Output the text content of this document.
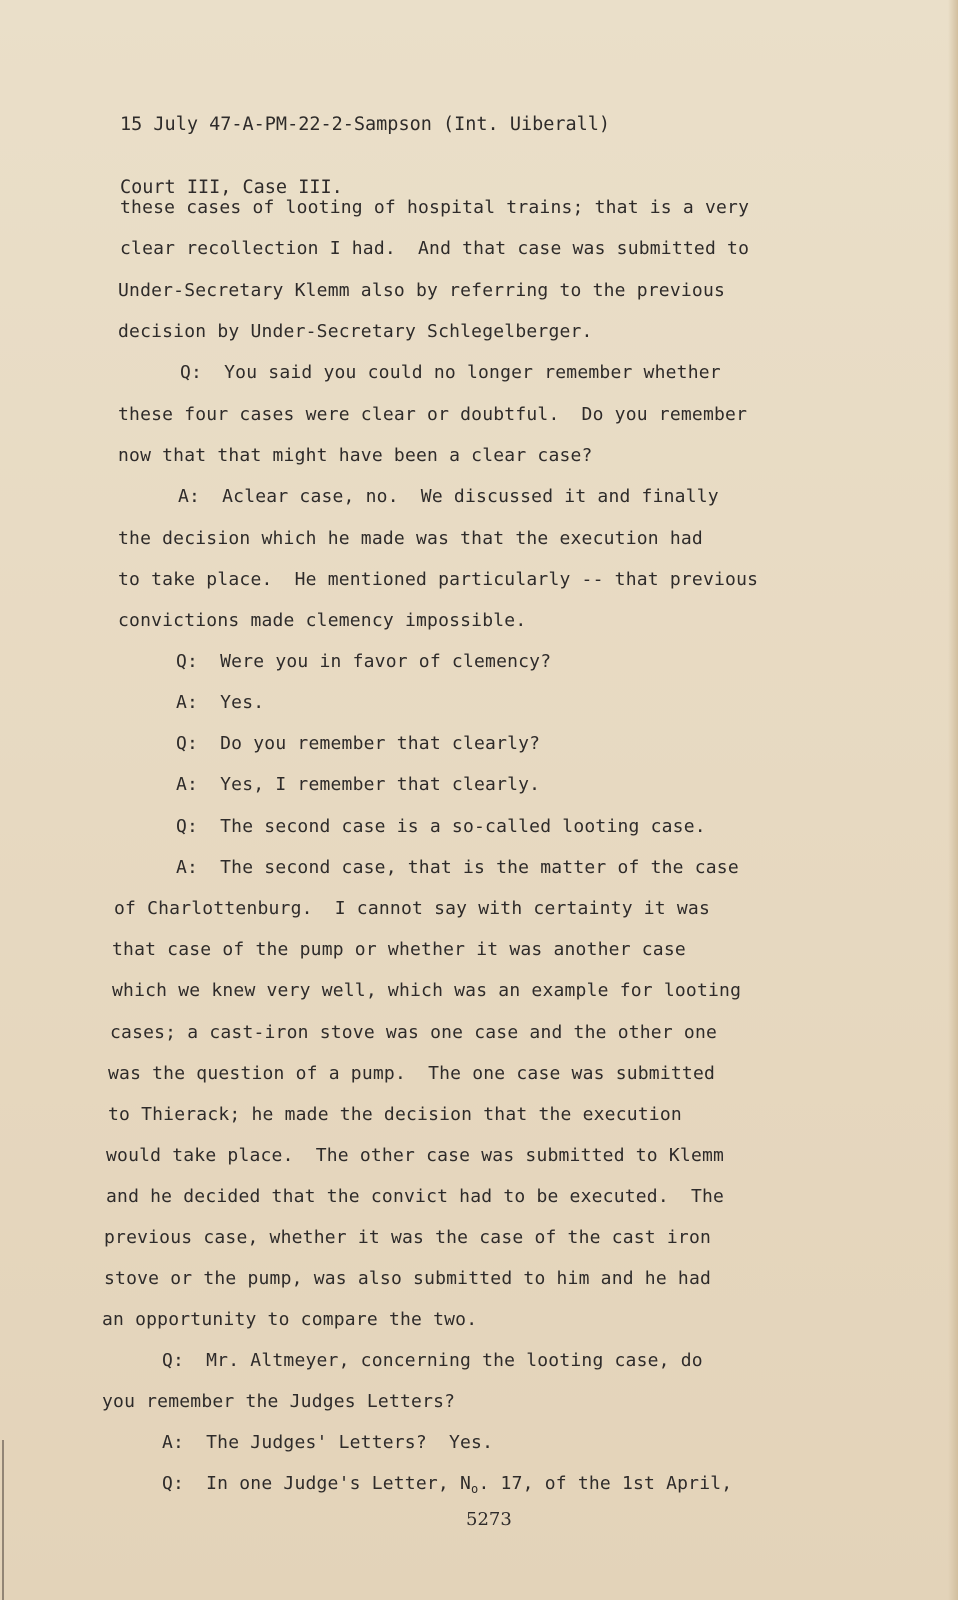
15 July 47-A-PM-22-2-Sampson (Int. Uiberall)

Court III, Case III.

these cases of looting of hospital trains; that is a very
clear recollection I had.  And that case was submitted to
Under-Secretary Klemm also by referring to the previous
decision by Under-Secretary Schlegelberger.
Q:  You said you could no longer remember whether
these four cases were clear or doubtful.  Do you remember
now that that might have been a clear case?
A:  Aclear case, no.  We discussed it and finally
the decision which he made was that the execution had
to take place.  He mentioned particularly -- that previous
convictions made clemency impossible.
Q:  Were you in favor of clemency?
A:  Yes.
Q:  Do you remember that clearly?
A:  Yes, I remember that clearly.
Q:  The second case is a so-called looting case.
A:  The second case, that is the matter of the case
of Charlottenburg.  I cannot say with certainty it was
that case of the pump or whether it was another case
which we knew very well, which was an example for looting
cases; a cast-iron stove was one case and the other one
was the question of a pump.  The one case was submitted
to Thierack; he made the decision that the execution
would take place.  The other case was submitted to Klemm
and he decided that the convict had to be executed.  The
previous case, whether it was the case of the cast iron
stove or the pump, was also submitted to him and he had
an opportunity to compare the two.
Q:  Mr. Altmeyer, concerning the looting case, do
you remember the Judges Letters?
A:  The Judges' Letters?  Yes.
Q:  In one Judge's Letter, $N_o$. 17, of the 1st April,
5273
